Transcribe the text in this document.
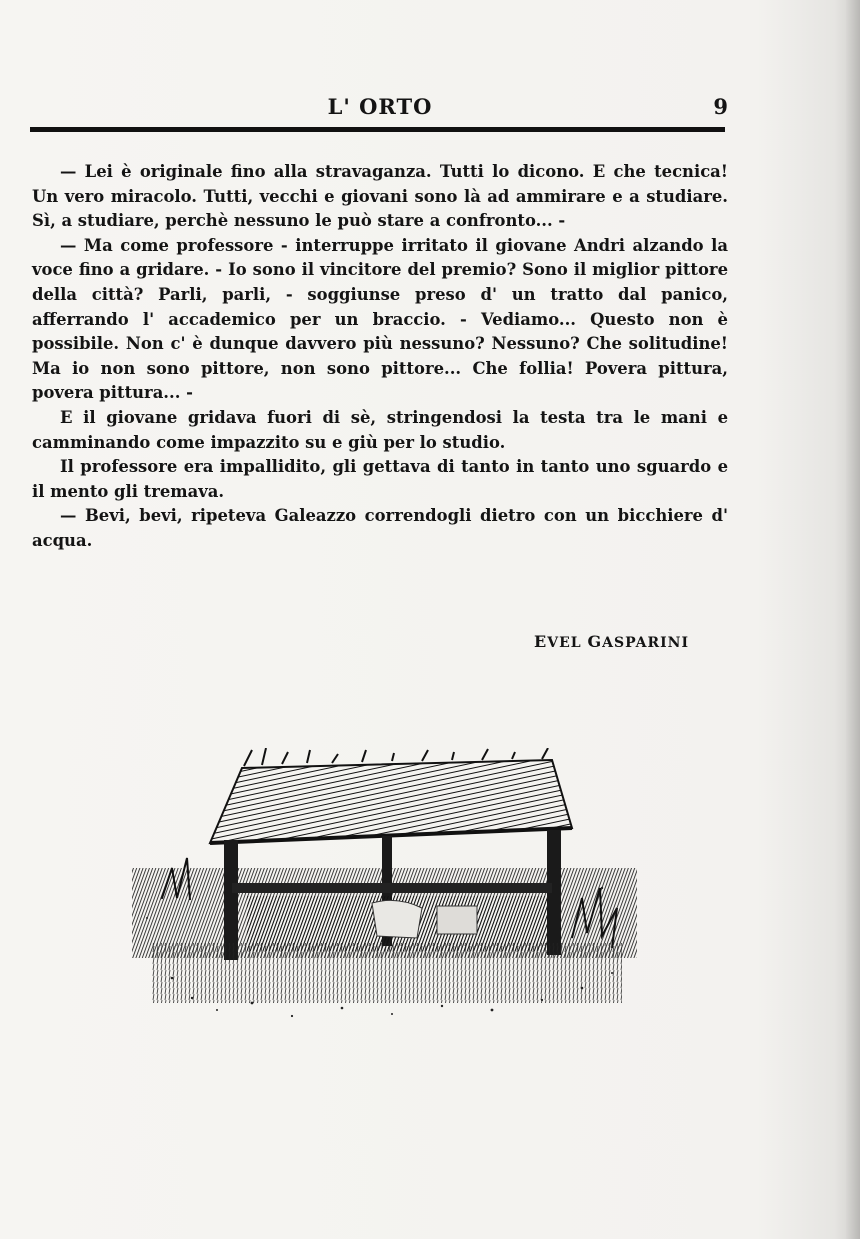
L' ORTO	9

— Lei è originale fino alla stravaganza. Tutti lo dicono. E che tecnica! Un vero miracolo. Tutti, vecchi e giovani sono là ad ammirare e a studiare. Sì, a studiare, perchè nessuno le può stare a confronto... -

— Ma come professore - interruppe irritato il giovane Andri alzando la voce fino a gridare. - Io sono il vincitore del premio? Sono il miglior pittore della città? Parli, parli, - soggiunse preso d' un tratto dal panico, afferrando l' accademico per un braccio. - Vediamo... Questo non è possibile. Non c' è dunque davvero più nessuno? Nessuno? Che solitudine! Ma io non sono pittore, non sono pittore... Che follia! Povera pittura, povera pittura... -

E il giovane gridava fuori di sè, stringendosi la testa tra le mani e camminando come impazzito su e giù per lo studio.

Il professore era impallidito, gli gettava di tanto in tanto uno sguardo e il mento gli tremava.

— Bevi, bevi, ripeteva Galeazzo correndogli dietro con un bicchiere d' acqua.

EVEL GASPARINI
